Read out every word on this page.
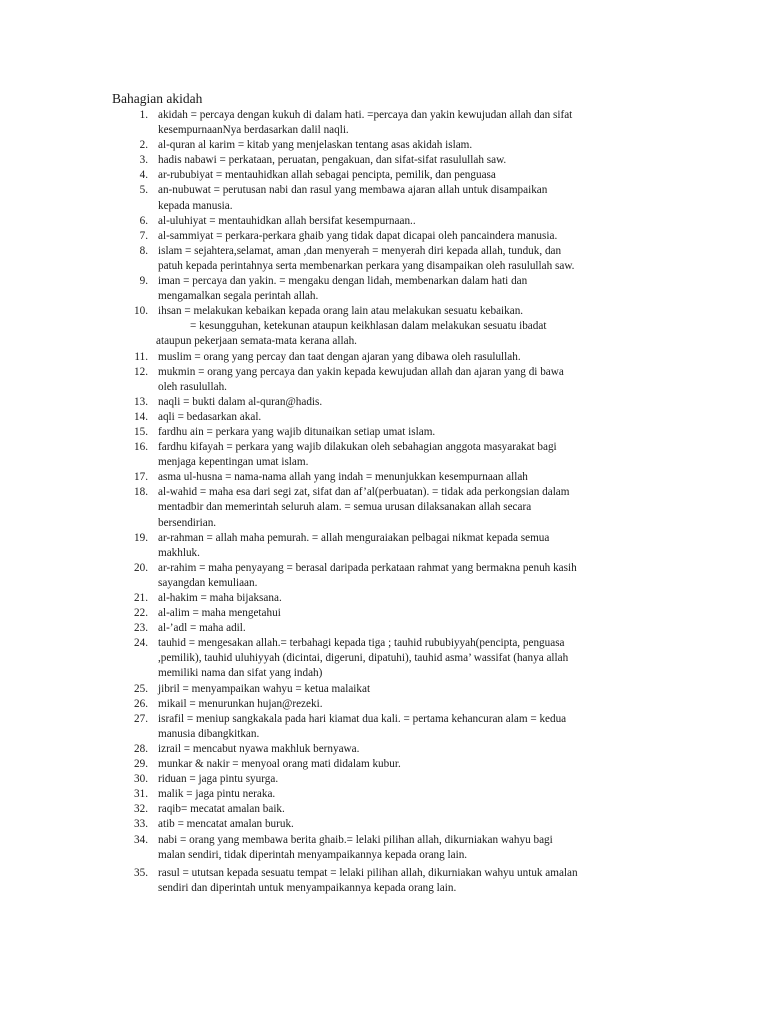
Bahagian akidah
1. akidah = percaya dengan kukuh di dalam hati. =percaya dan yakin kewujudan allah dan sifat
kesempurnaanNya berdasarkan dalil naqli.
2. al-quran al karim = kitab yang menjelaskan tentang asas akidah islam.
3. hadis nabawi = perkataan, peruatan, pengakuan, dan sifat-sifat rasulullah saw.
4. ar-rububiyat = mentauhidkan allah sebagai pencipta, pemilik, dan penguasa
5. an-nubuwat = perutusan nabi dan rasul yang membawa ajaran allah untuk disampaikan
kepada manusia.
6. al-uluhiyat = mentauhidkan allah bersifat kesempurnaan..
7. al-sammiyat = perkara-perkara ghaib yang tidak dapat dicapai oleh pancaindera manusia.
8. islam = sejahtera,selamat, aman ,dan menyerah = menyerah diri kepada allah, tunduk, dan
patuh kepada perintahnya serta membenarkan perkara yang disampaikan oleh rasulullah saw.
9. iman = percaya dan yakin. = mengaku dengan lidah, membenarkan dalam hati dan
mengamalkan segala perintah allah.
10. ihsan = melakukan kebaikan kepada orang lain atau melakukan sesuatu kebaikan.
= kesungguhan, ketekunan ataupun keikhlasan dalam melakukan sesuatu ibadat
ataupun pekerjaan semata-mata kerana allah.
11. muslim = orang yang percay dan taat dengan ajaran yang dibawa oleh rasulullah.
12. mukmin = orang yang percaya dan yakin kepada kewujudan allah dan ajaran yang di bawa
oleh rasulullah.
13. naqli = bukti dalam al-quran@hadis.
14. aqli = bedasarkan akal.
15. fardhu ain = perkara yang wajib ditunaikan setiap umat islam.
16. fardhu kifayah = perkara yang wajib dilakukan oleh sebahagian anggota masyarakat bagi
menjaga kepentingan umat islam.
17. asma ul-husna = nama-nama allah yang indah = menunjukkan kesempurnaan allah
18. al-wahid = maha esa dari segi zat, sifat dan af’al(perbuatan). = tidak ada perkongsian dalam
mentadbir dan memerintah seluruh alam. = semua urusan dilaksanakan allah secara
bersendirian.
19. ar-rahman = allah maha pemurah. = allah menguraiakan pelbagai nikmat kepada semua
makhluk.
20. ar-rahim = maha penyayang = berasal daripada perkataan rahmat yang bermakna penuh kasih
sayangdan kemuliaan.
21. al-hakim = maha bijaksana.
22. al-alim = maha mengetahui
23. al-’adl = maha adil.
24. tauhid = mengesakan allah.= terbahagi kepada tiga ; tauhid rububiyyah(pencipta, penguasa
,pemilik), tauhid uluhiyyah (dicintai, digeruni, dipatuhi), tauhid asma’ wassifat (hanya allah
memiliki nama dan sifat yang indah)
25. jibril = menyampaikan wahyu = ketua malaikat
26. mikail = menurunkan hujan@rezeki.
27. israfil = meniup sangkakala pada hari kiamat dua kali. = pertama kehancuran alam = kedua
manusia dibangkitkan.
28. izrail = mencabut nyawa makhluk bernyawa.
29. munkar & nakir = menyoal orang mati didalam kubur.
30. riduan = jaga pintu syurga.
31. malik = jaga pintu neraka.
32. raqib= mecatat amalan baik.
33. atib = mencatat amalan buruk.
34. nabi = orang yang membawa berita ghaib.= lelaki pilihan allah, dikurniakan wahyu bagi
malan sendiri, tidak diperintah menyampaikannya kepada orang lain.
35. rasul = ututsan kepada sesuatu tempat = lelaki pilihan allah, dikurniakan wahyu untuk amalan
sendiri dan diperintah untuk menyampaikannya kepada orang lain.
